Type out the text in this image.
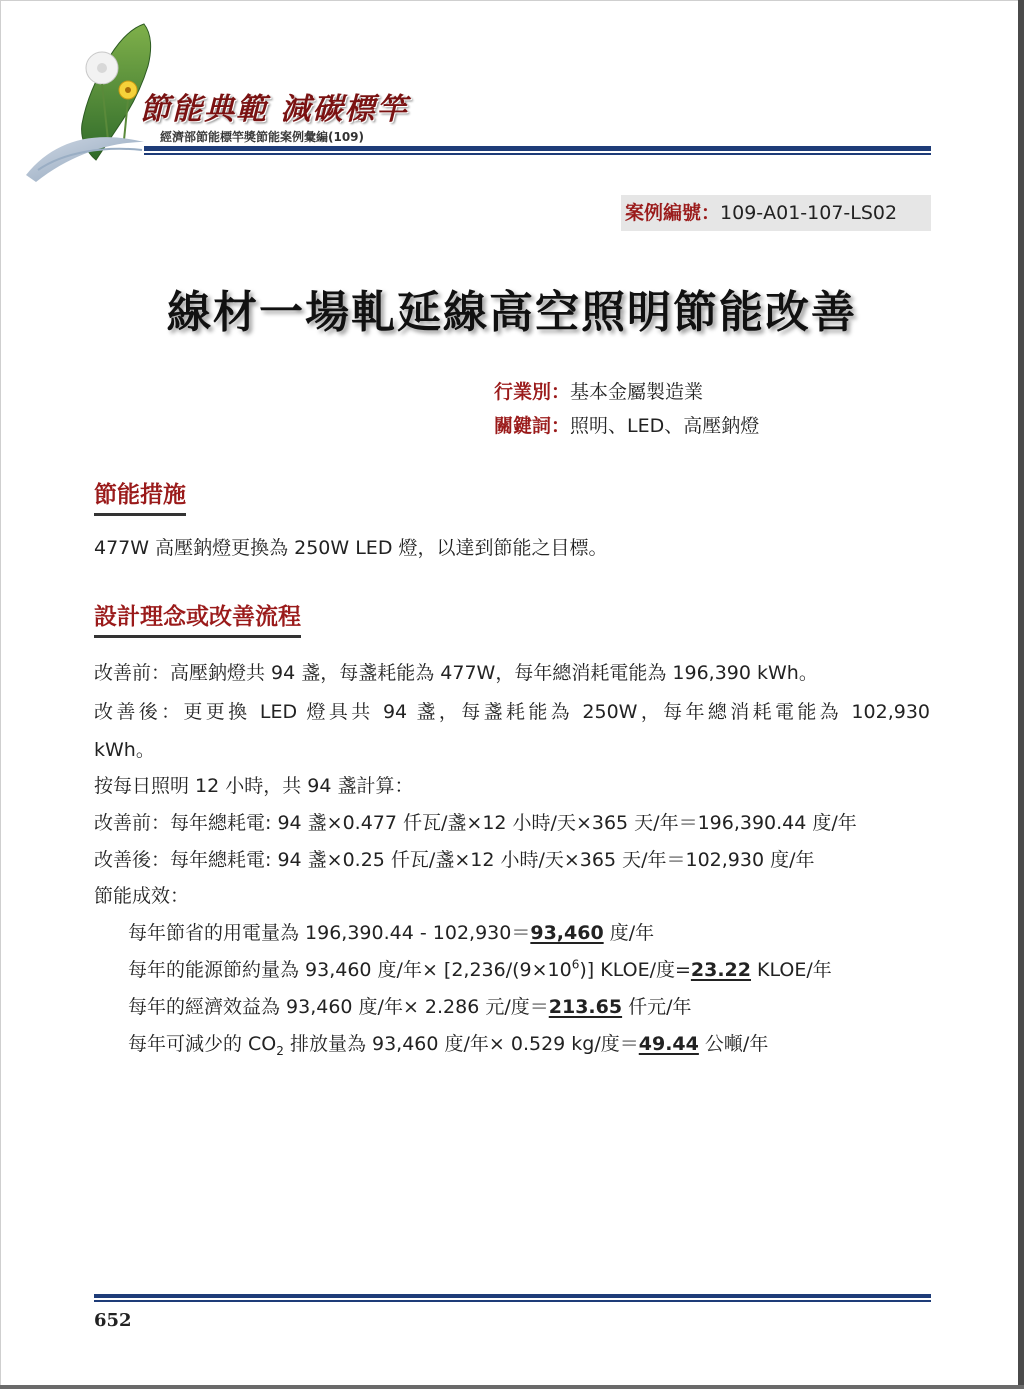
節能典範 減碳標竿
經濟部節能標竿獎節能案例彙編(109)
案例編號：109-A01-107-LS02
線材一場軋延線高空照明節能改善
行業別：基本金屬製造業
關鍵詞：照明、LED、高壓鈉燈
節能措施
477W 高壓鈉燈更換為 250W LED 燈，以達到節能之目標。
設計理念或改善流程
改善前：高壓鈉燈共 94 盞，每盞耗能為 477W，每年總消耗電能為 196,390 kWh。
改善後：更更換 LED 燈具共 94 盞，每盞耗能為 250W，每年總消耗電能為 102,930
kWh。
按每日照明 12 小時，共 94 盞計算：
改善前：每年總耗電: 94 盞×0.477 仟瓦/盞×12 小時/天×365 天/年＝196,390.44 度/年
改善後：每年總耗電: 94 盞×0.25 仟瓦/盞×12 小時/天×365 天/年＝102,930 度/年
節能成效：
每年節省的用電量為 196,390.44 - 102,930＝93,460 度/年
每年的能源節約量為 93,460 度/年× $[2,236/(9\times 10^6)]$ KLOE/度=23.22 KLOE/年
每年的經濟效益為 93,460 度/年× 2.286 元/度＝213.65 仟元/年
每年可減少的 $CO_2$ 排放量為 93,460 度/年× 0.529 kg/度＝49.44 公噸/年
652
